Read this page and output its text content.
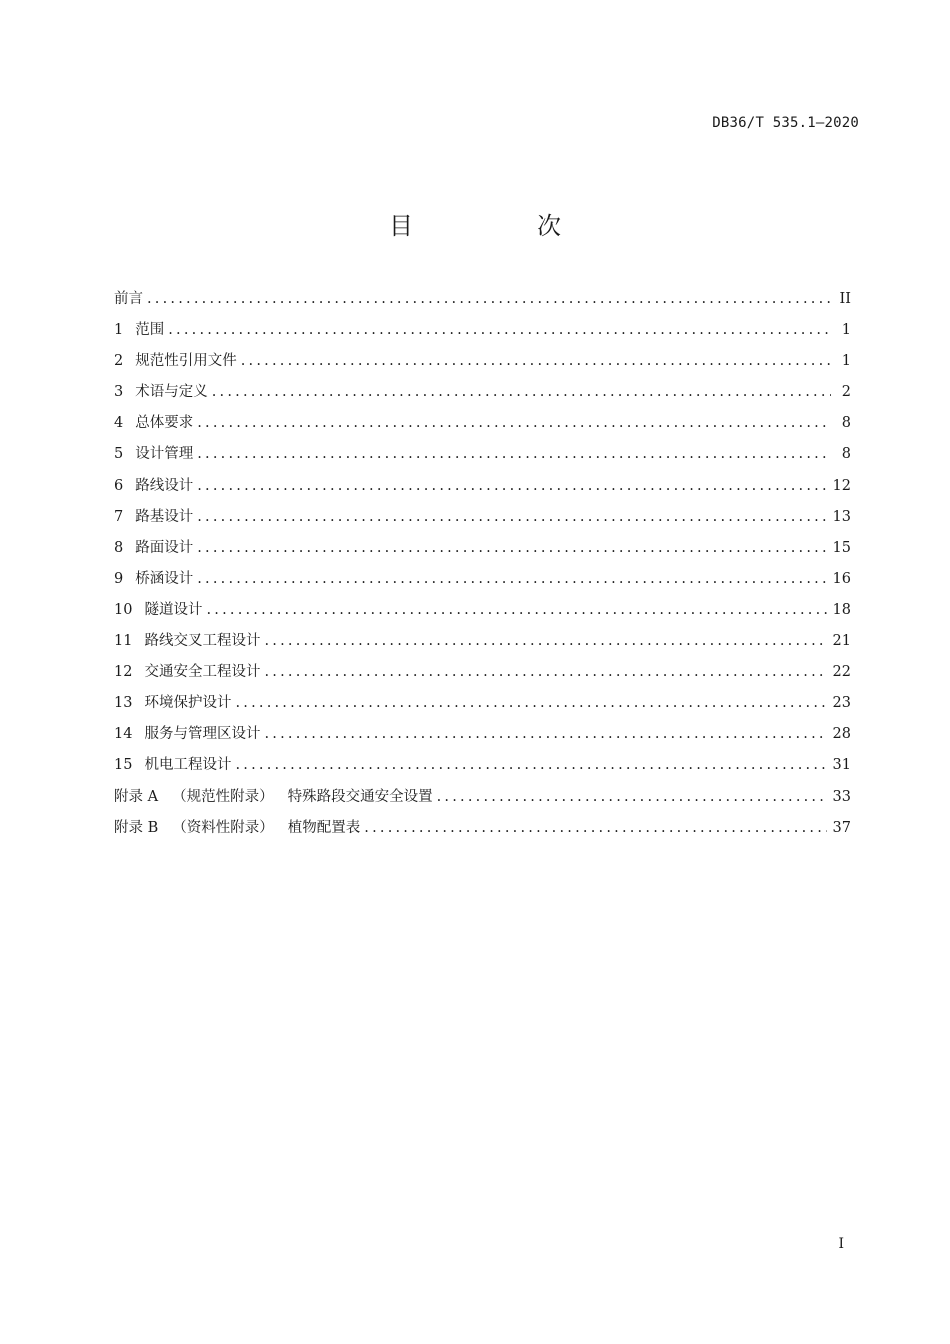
DB36/T 535.1—2020
目　次
前言 .....	II
1 范围 .....	1
2 规范性引用文件 .....	1
3 术语与定义 .....	2
4 总体要求 .....	8
5 设计管理 .....	8
6 路线设计 .....	12
7 路基设计 .....	13
8 路面设计 .....	15
9 桥涵设计 .....	16
10 隧道设计 .....	18
11 路线交叉工程设计 .....	21
12 交通安全工程设计 .....	22
13 环境保护设计 .....	23
14 服务与管理区设计 .....	28
15 机电工程设计 .....	31
附录 A （规范性附录） 特殊路段交通安全设置 .....	33
附录 B （资料性附录） 植物配置表 .....	37
I
